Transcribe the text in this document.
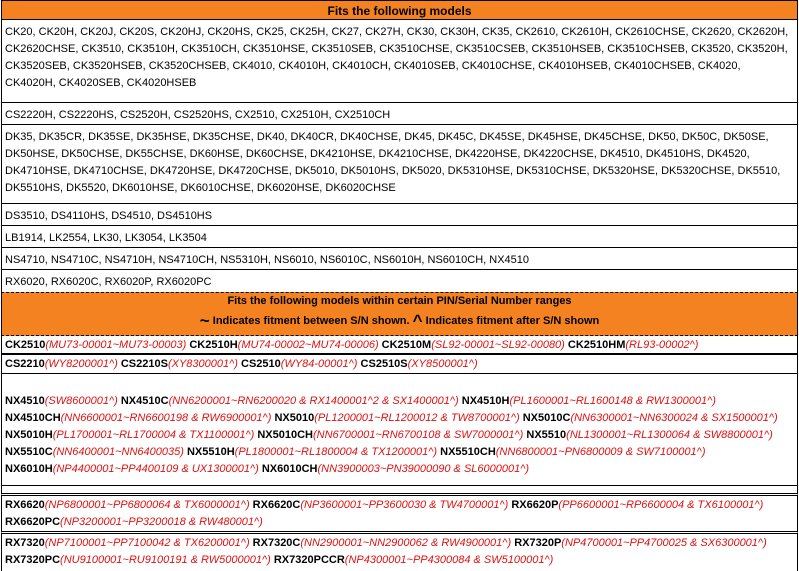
Fits the following models
CK20, CK20H, CK20J, CK20S, CK20HJ, CK20HS, CK25, CK25H, CK27, CK27H, CK30, CK30H, CK35, CK2610, CK2610H, CK2610CHSE, CK2620, CK2620H, CK2620CHSE, CK3510, CK3510H, CK3510CH, CK3510HSE, CK3510SEB, CK3510CHSE, CK3510CSEB, CK3510HSEB, CK3510CHSEB, CK3520, CK3520H, CK3520SEB, CK3520HSEB, CK3520CHSEB, CK4010, CK4010H, CK4010CH, CK4010SEB, CK4010CHSE, CK4010HSEB, CK4010CHSEB, CK4020, CK4020H, CK4020SEB, CK4020HSEB
CS2220H, CS2220HS, CS2520H, CS2520HS, CX2510, CX2510H, CX2510CH
DK35, DK35CR, DK35SE, DK35HSE, DK35CHSE, DK40, DK40CR, DK40CHSE, DK45, DK45C, DK45SE, DK45HSE, DK45CHSE, DK50, DK50C, DK50SE, DK50HSE, DK50CHSE, DK55CHSE, DK60HSE, DK60CHSE, DK4210HSE, DK4210CHSE, DK4220HSE, DK4220CHSE, DK4510, DK4510HS, DK4520, DK4710HSE, DK4710CHSE, DK4720HSE, DK4720CHSE, DK5010, DK5010HS, DK5020, DK5310HSE, DK5310CHSE, DK5320HSE, DK5320CHSE, DK5510, DK5510HS, DK5520, DK6010HSE, DK6010CHSE, DK6020HSE, DK6020CHSE
DS3510, DS4110HS, DS4510, DS4510HS
LB1914, LK2554, LK30, LK3054, LK3504
NS4710, NS4710C, NS4710H, NS4710CH, NS5310H, NS6010, NS6010C, NS6010H, NS6010CH, NX4510
RX6020, RX6020C, RX6020P, RX6020PC
Fits the following models within certain PIN/Serial Number ranges
~ Indicates fitment between S/N shown. ^ Indicates fitment after S/N shown
CK2510(MU73-00001~MU73-00003) CK2510H(MU74-00002~MU74-00006) CK2510M(SL92-00001~SL92-00080) CK2510HM(RL93-00002^)
CS2210(WY8200001^) CS2210S(XY8300001^) CS2510(WY84-00001^) CS2510S(XY8500001^)
NX4510(SW8600001^) NX4510C(NN6200001~RN6200020 & RX1400001^2 & SX1400001^) NX4510H(PL1600001~RL1600148 & RW1300001^) NX4510CH(NN6600001~RN6600198 & RW6900001^) NX5010(PL1200001~RL1200012 & TW8700001^) NX5010C(NN6300001~NN6300024 & SX1500001^) NX5010H(PL1700001~RL1700004 & TX1100001^) NX5010CH(NN6700001~RN6700108 & SW7000001^) NX5510(NL1300001~RL1300064 & SW8800001^) NX5510C(NN6400001~NN6400035) NX5510H(PL1800001~RL1800004 & TX1200001^) NX5510CH(NN6800001~PN6800009 & SW7100001^) NX6010H(NP4400001~PP4400109 & UX1300001^) NX6010CH(NN3900003~PN39000090 & SL6000001^)
RX6620(NP6800001~PP6800064 & TX6000001^) RX6620C(NP3600001~PP3600030 & TW4700001^) RX6620P(PP6600001~RP6600004 & TX6100001^) RX6620PC(NP3200001~PP3200018 & RW480001^)
RX7320(NP7100001~PP7100042 & TX6200001^) RX7320C(NN2900001~NN2900062 & RW4900001^) RX7320P(NP4700001~PP4700025 & SX6300001^) RX7320PC(NU9100001~RU9100191 & RW5000001^) RX7320PCCR(NP4300001~PP4300084 & SW5100001^)
